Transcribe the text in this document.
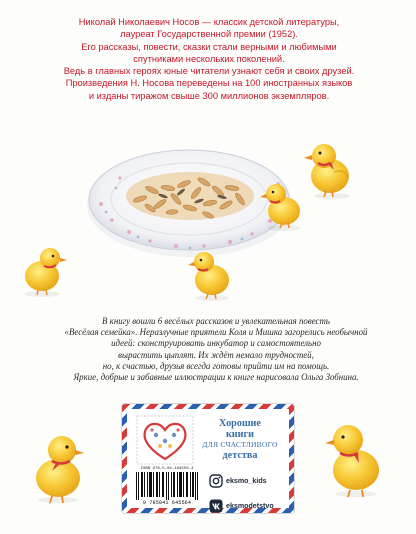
Николай Николаевич Носов — классик детской литературы,

лауреат Государственной премии (1952).

Его рассказы, повести, сказки стали верными и любимыми

спутниками нескольких поколений.

Ведь в главных героях юные читатели узнают себя и своих друзей.

Произведения Н. Носова переведены на 100 иностранных языков

и изданы тиражом свыше 300 миллионов экземпляров.

В книгу вошли 6 весёлых рассказов и увлекательная повесть

«Весёлая семейка». Неразлучные приятели Коля и Мишка загорелись необычной

идеей: сконструировать инкубатор и самостоятельно

вырастить цыплят. Их ждёт немало трудностей,

но, к счастью, друзья всегда готовы прийти им на помощь.

Яркие, добрые и забавные иллюстрации к книге нарисовала Ольга Зобнина.

Хорошие
книги
ДЛЯ СЧАСТЛИВОГО
детства
ISBN 978-5-04-164556-4
9 785041 645564
eksmo_kids
eksmodetstvo
